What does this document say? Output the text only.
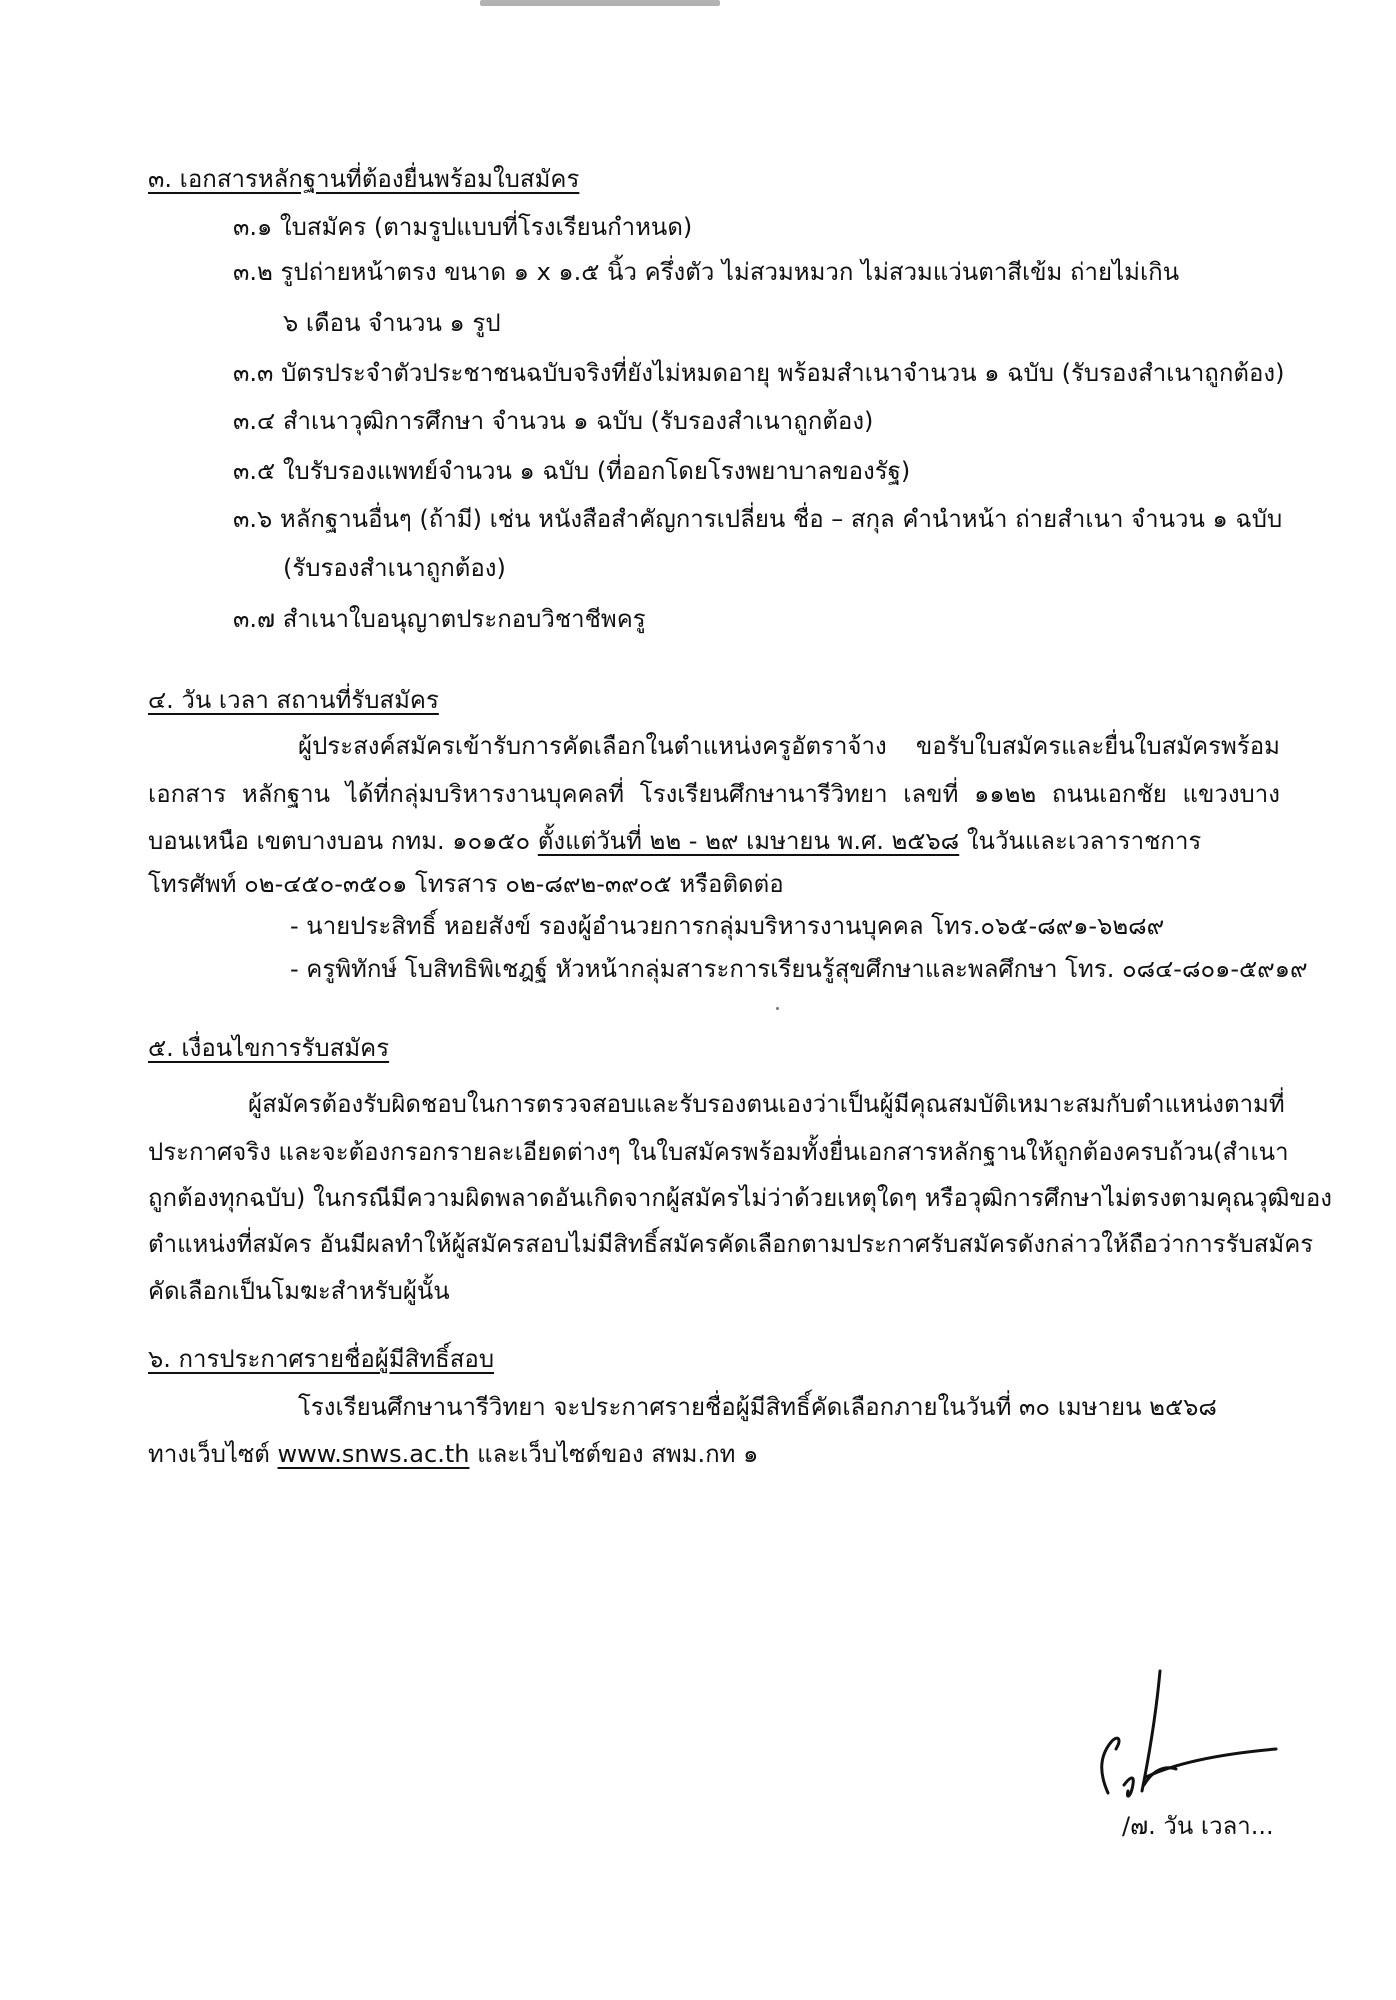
๓. เอกสารหลักฐานที่ต้องยื่นพร้อมใบสมัคร
๓.๑ ใบสมัคร (ตามรูปแบบที่โรงเรียนกำหนด)
๓.๒ รูปถ่ายหน้าตรง ขนาด ๑ x ๑.๕ นิ้ว ครึ่งตัว ไม่สวมหมวก ไม่สวมแว่นตาสีเข้ม ถ่ายไม่เกิน
๖ เดือน จำนวน ๑ รูป
๓.๓ บัตรประจำตัวประชาชนฉบับจริงที่ยังไม่หมดอายุ พร้อมสำเนาจำนวน ๑ ฉบับ (รับรองสำเนาถูกต้อง)
๓.๔ สำเนาวุฒิการศึกษา จำนวน ๑ ฉบับ (รับรองสำเนาถูกต้อง)
๓.๕ ใบรับรองแพทย์จำนวน ๑ ฉบับ (ที่ออกโดยโรงพยาบาลของรัฐ)
๓.๖ หลักฐานอื่นๆ (ถ้ามี) เช่น หนังสือสำคัญการเปลี่ยน ชื่อ – สกุล คำนำหน้า ถ่ายสำเนา จำนวน ๑ ฉบับ
(รับรองสำเนาถูกต้อง)
๓.๗ สำเนาใบอนุญาตประกอบวิชาชีพครู
๔. วัน เวลา สถานที่รับสมัคร
ผู้ประสงค์สมัครเข้ารับการคัดเลือกในตำแหน่งครูอัตราจ้าง ขอรับใบสมัครและยื่นใบสมัครพร้อม
เอกสาร หลักฐาน ได้ที่กลุ่มบริหารงานบุคคลที่ โรงเรียนศึกษานารีวิทยา เลขที่ ๑๑๒๒ ถนนเอกชัย แขวงบาง
บอนเหนือ เขตบางบอน กทม. ๑๐๑๕๐ ตั้งแต่วันที่ ๒๒ - ๒๙ เมษายน พ.ศ. ๒๕๖๘ ในวันและเวลาราชการ
โทรศัพท์ ๐๒-๔๕๐-๓๕๐๑ โทรสาร ๐๒-๘๙๒-๓๙๐๕ หรือติดต่อ
- นายประสิทธิ์ หอยสังข์ รองผู้อำนวยการกลุ่มบริหารงานบุคคล โทร.๐๖๕-๘๙๑-๖๒๘๙
- ครูพิทักษ์ โบสิทธิพิเชฎฐ์ หัวหน้ากลุ่มสาระการเรียนรู้สุขศึกษาและพลศึกษา โทร. ๐๘๔-๘๐๑-๕๙๑๙
๕. เงื่อนไขการรับสมัคร
ผู้สมัครต้องรับผิดชอบในการตรวจสอบและรับรองตนเองว่าเป็นผู้มีคุณสมบัติเหมาะสมกับตำแหน่งตามที่
ประกาศจริง และจะต้องกรอกรายละเอียดต่างๆ ในใบสมัครพร้อมทั้งยื่นเอกสารหลักฐานให้ถูกต้องครบถ้วน(สำเนา
ถูกต้องทุกฉบับ) ในกรณีมีความผิดพลาดอันเกิดจากผู้สมัครไม่ว่าด้วยเหตุใดๆ หรือวุฒิการศึกษาไม่ตรงตามคุณวุฒิของ
ตำแหน่งที่สมัคร อันมีผลทำให้ผู้สมัครสอบไม่มีสิทธิ์สมัครคัดเลือกตามประกาศรับสมัครดังกล่าวให้ถือว่าการรับสมัคร
คัดเลือกเป็นโมฆะสำหรับผู้นั้น
๖. การประกาศรายชื่อผู้มีสิทธิ์สอบ
โรงเรียนศึกษานารีวิทยา จะประกาศรายชื่อผู้มีสิทธิ์คัดเลือกภายในวันที่ ๓๐ เมษายน ๒๕๖๘
ทางเว็บไซต์ www.snws.ac.th และเว็บไซต์ของ สพม.กท ๑
/๗. วัน เวลา...
